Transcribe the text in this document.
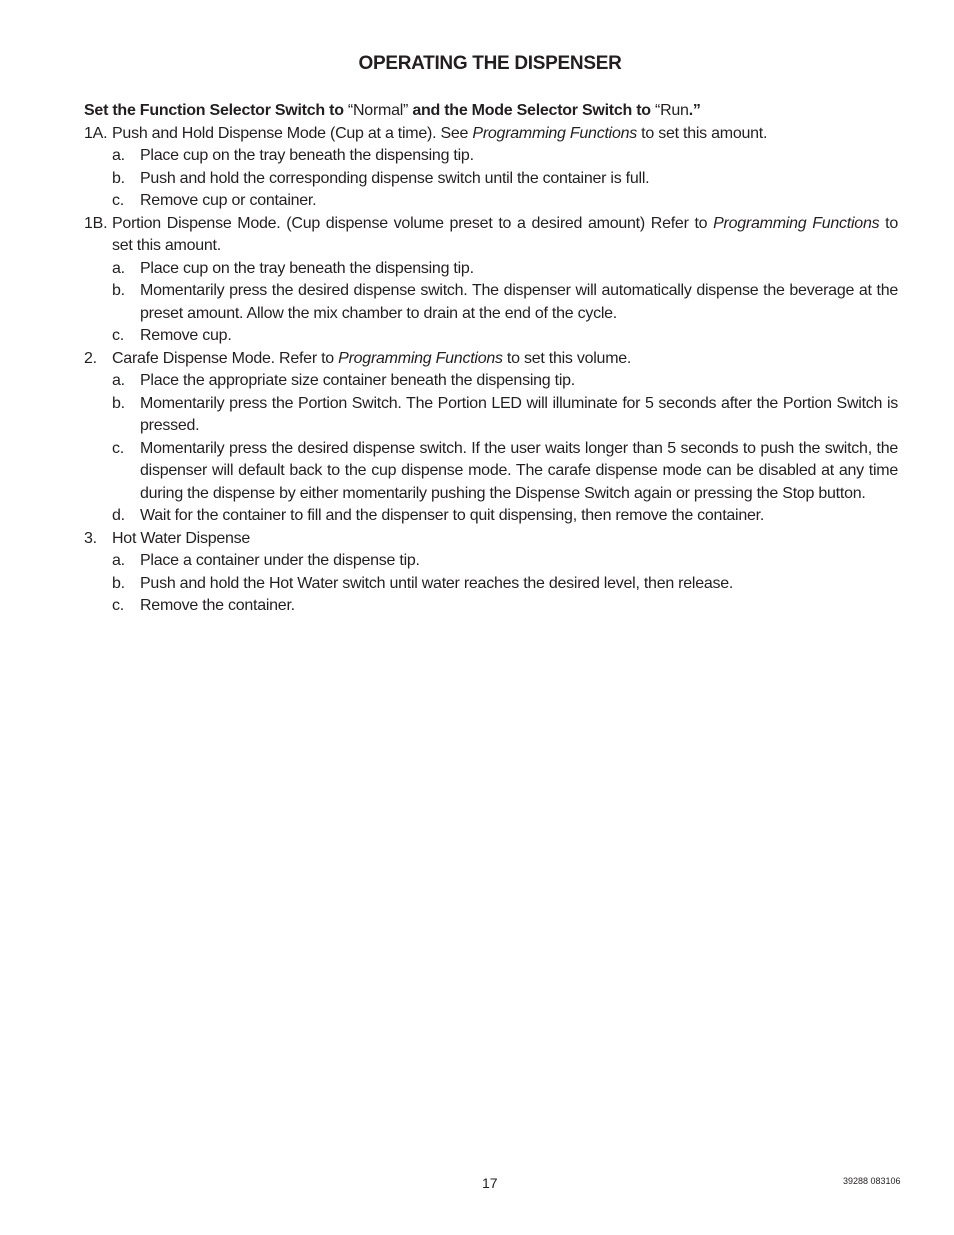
OPERATING THE DISPENSER

Set the Function Selector Switch to “Normal” and the Mode Selector Switch to “Run.”

1A. Push and Hold Dispense Mode (Cup at a time). See Programming Functions to set this amount.
a. Place cup on the tray beneath the dispensing tip.
b. Push and hold the corresponding dispense switch until the container is full.
c.	Remove cup or container.
1B. Portion Dispense Mode. (Cup dispense volume preset to a desired amount) Refer to Programming Functions to set this amount.
a. Place cup on the tray beneath the dispensing tip.
b. Momentarily press the desired dispense switch. The dispenser will automatically dispense the beverage at the preset amount. Allow the mix chamber to drain at the end of the cycle.
c.	Remove cup.
2. Carafe Dispense Mode. Refer to Programming Functions to set this volume.
a. Place the appropriate size container beneath the dispensing tip.
b. Momentarily press the Portion Switch. The Portion LED will illuminate for 5 seconds after the Portion Switch is pressed.
c.	Momentarily press the desired dispense switch. If the user waits longer than 5 seconds to push the switch, the dispenser will default back to the cup dispense mode. The carafe dispense mode can be disabled at any time during the dispense by either momentarily pushing the Dispense Switch again or pressing the Stop button.
d. Wait for the container to fill and the dispenser to quit dispensing, then remove the container.
3. Hot Water Dispense
a. Place a container under the dispense tip.
b. Push and hold the Hot Water switch until water reaches the desired level, then release.
c.	Remove the container.
17	39288 083106
